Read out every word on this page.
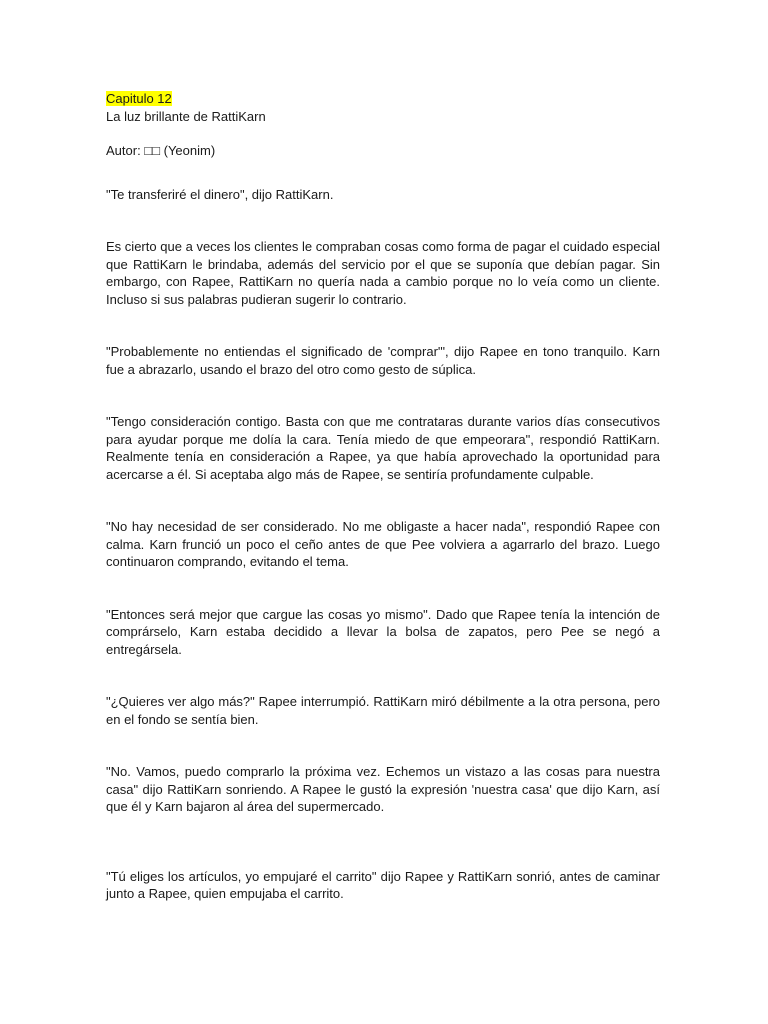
Capitulo 12

La luz brillante de RattiKarn

Autor: □□ (Yeonim)

"Te transferiré el dinero", dijo RattiKarn.

Es cierto que a veces los clientes le compraban cosas como forma de pagar el cuidado especial que RattiKarn le brindaba, además del servicio por el que se suponía que debían pagar. Sin embargo, con Rapee, RattiKarn no quería nada a cambio porque no lo veía como un cliente. Incluso si sus palabras pudieran sugerir lo contrario.

"Probablemente no entiendas el significado de 'comprar'", dijo Rapee en tono tranquilo. Karn fue a abrazarlo, usando el brazo del otro como gesto de súplica.

"Tengo consideración contigo. Basta con que me contrataras durante varios días consecutivos para ayudar porque me dolía la cara. Tenía miedo de que empeorara", respondió RattiKarn. Realmente tenía en consideración a Rapee, ya que había aprovechado la oportunidad para acercarse a él. Si aceptaba algo más de Rapee, se sentiría profundamente culpable.

"No hay necesidad de ser considerado. No me obligaste a hacer nada", respondió Rapee con calma. Karn frunció un poco el ceño antes de que Pee volviera a agarrarlo del brazo. Luego continuaron comprando, evitando el tema.

"Entonces será mejor que cargue las cosas yo mismo". Dado que Rapee tenía la intención de comprárselo, Karn estaba decidido a llevar la bolsa de zapatos, pero Pee se negó a entregársela.

"¿Quieres ver algo más?" Rapee interrumpió. RattiKarn miró débilmente a la otra persona, pero en el fondo se sentía bien.

"No. Vamos, puedo comprarlo la próxima vez. Echemos un vistazo a las cosas para nuestra casa" dijo RattiKarn sonriendo. A Rapee le gustó la expresión 'nuestra casa' que dijo Karn, así que él y Karn bajaron al área del supermercado.

"Tú eliges los artículos, yo empujaré el carrito" dijo Rapee y RattiKarn sonrió, antes de caminar junto a Rapee, quien empujaba el carrito.
